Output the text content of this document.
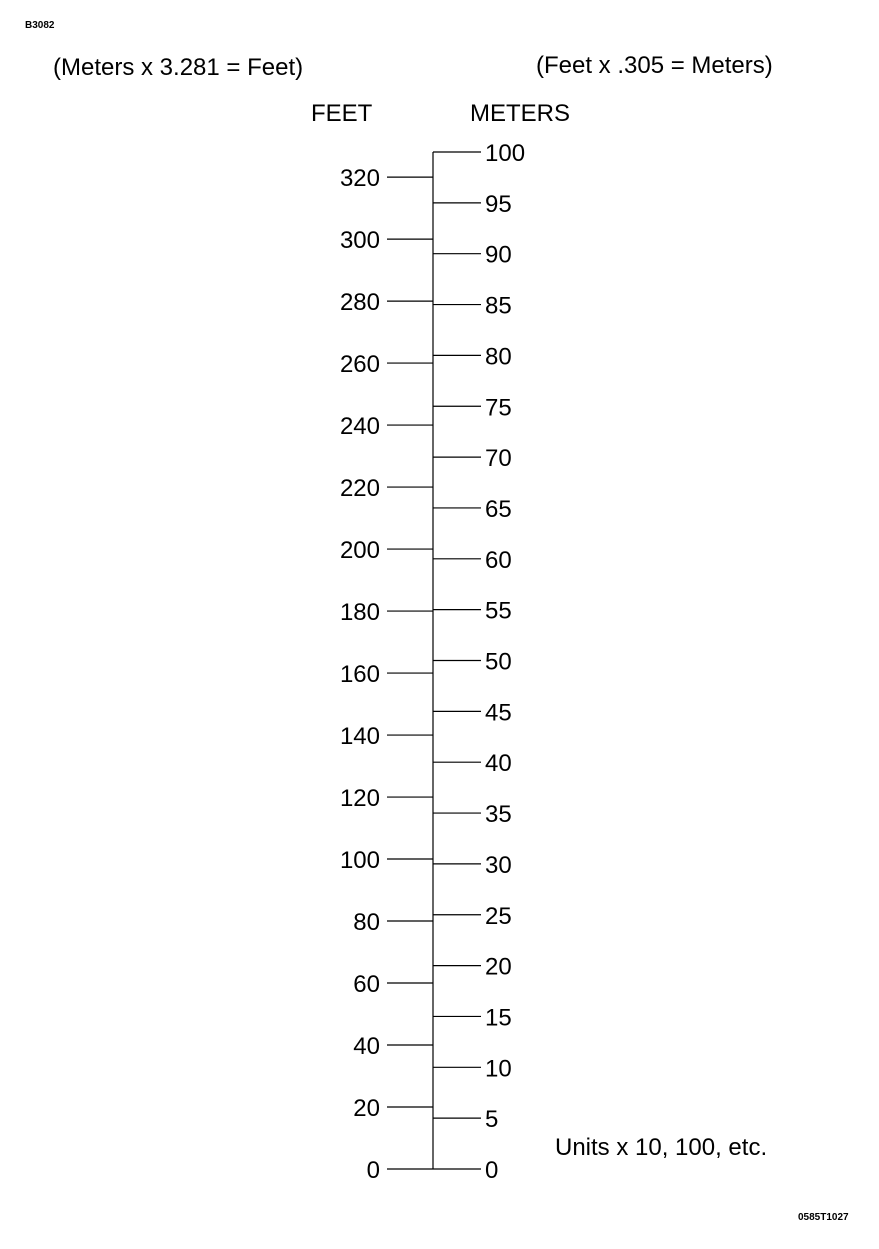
B3082
(Meters x 3.281 = Feet)	(Feet x .305 = Meters)
FEET	METERS
0
20
40
60
80
100
120
140
160
180
200
220
240
260
280
300
320
0
5
10
15
20
25
30
35
40
45
50
55
60
65
70
75
80
85
90
95
100
Units x 10, 100, etc.
0585T1027
